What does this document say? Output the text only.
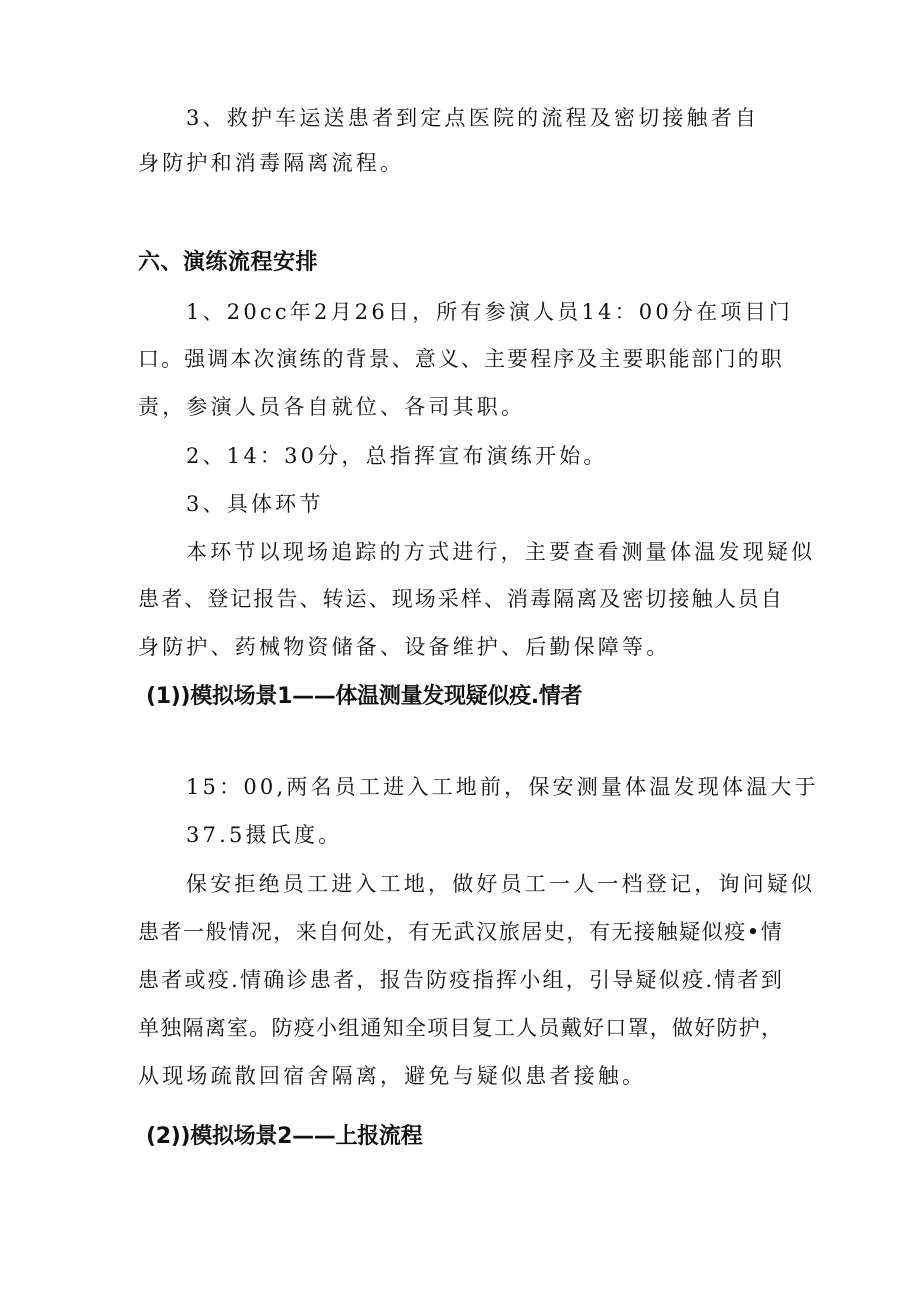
3、救护车运送患者到定点医院的流程及密切接触者自
身防护和消毒隔离流程。
六、演练流程安排
1、20cc年2月26日，所有参演人员14：00分在项目门
口 。 强 调 本 次 演 练 的 背 景 、 意 义 、 主 要 程 序 及 主 要 职 能 部 门 的 职
责，参演人员各自就位、各司其职。
2、14：30分，总指挥宣布演练开始。
3、具体环节
本环节以现场追踪的方式进行，主要查看测量体温发现疑似
患 者 、 登 记 报 告 、 转 运 、 现 场 采 样 、 消 毒 隔 离 及 密 切 接 触 人 员 自
身防护、药械物资储备、设备维护、后勤保障等。
(1))模拟场景1——体温测量发现疑似疫.情者
15：00,两名员工进入工地前，保安测量体温发现体温大于
37.5摄氏度。
保安拒绝员工进入工地，做好员工一人一档登记，询问疑似
患 者 一 般 情 况 ， 来 自 何 处 ， 有 无 武 汉 旅 居 史 ， 有 无 接 触 疑 似 疫 • 情
患 者 或 疫 . 情 确 诊 患 者 ， 报 告 防 疫 指 挥 小 组 ， 引 导 疑 似 疫 . 情 者 到
单 独 隔 离 室 。 防 疫 小 组 通 知 全 项 目 复 工 人 员 戴 好 口 罩 ， 做 好 防 护 ，
从现场疏散回宿舍隔离，避免与疑似患者接触。
(2))模拟场景2——上报流程
